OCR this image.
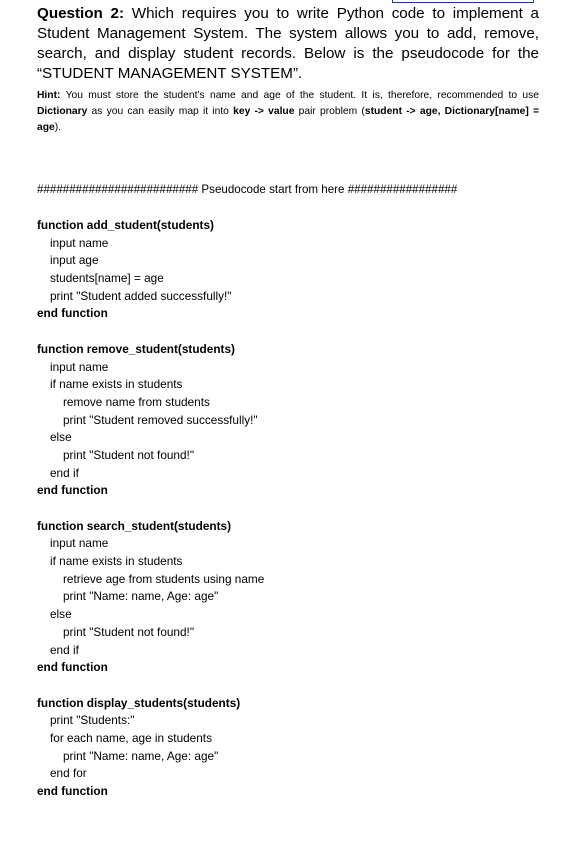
Question 2: Which requires you to write Python code to implement a Student Management System. The system allows you to add, remove, search, and display student records. Below is the pseudocode for the “STUDENT MANAGEMENT SYSTEM”.
Hint: You must store the student’s name and age of the student. It is, therefore, recommended to use Dictionary as you can easily map it into key -> value pair problem (student -> age, Dictionary[name] = age).
######################### Pseudocode start from here #################
function add_student(students)
input name
input age
students[name] = age
print "Student added successfully!"
end function
function remove_student(students)
input name
if name exists in students
remove name from students
print "Student removed successfully!"
else
print "Student not found!"
end if
end function
function search_student(students)
input name
if name exists in students
retrieve age from students using name
print "Name: name, Age: age"
else
print "Student not found!"
end if
end function
function display_students(students)
print "Students:"
for each name, age in students
print "Name: name, Age: age"
end for
end function
